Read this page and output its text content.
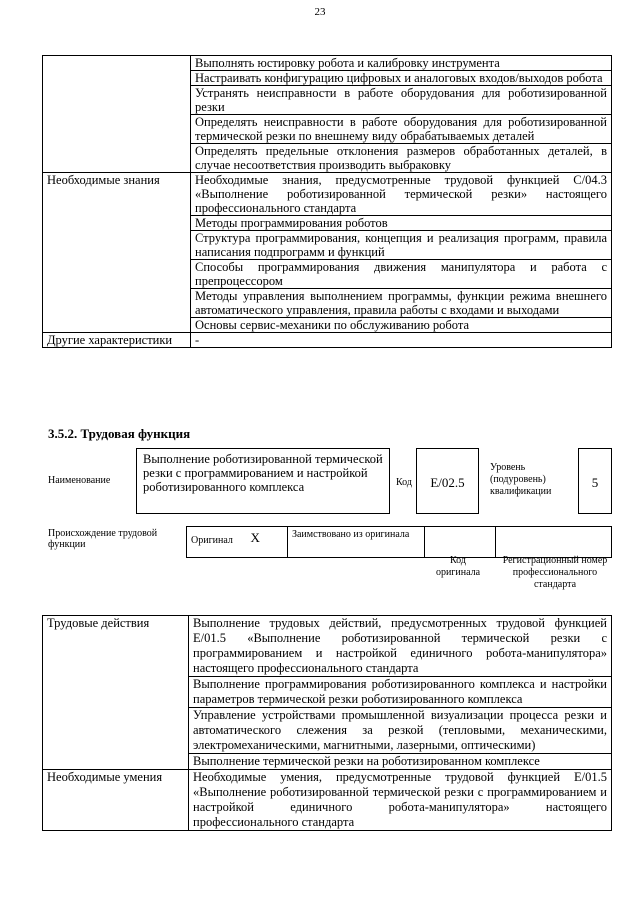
23
	Выполнять юстировку робота и калибровку инструмента
	Настраивать конфигурацию цифровых и аналоговых входов/выходов робота
	Устранять неисправности в работе оборудования для роботизированной резки
	Определять неисправности в работе оборудования для роботизированной термической резки по внешнему виду обрабатываемых деталей
	Определять предельные отклонения размеров обработанных деталей, в случае несоответствия производить выбраковку
Необходимые знания	Необходимые знания, предусмотренные трудовой функцией С/04.3 «Выполнение роботизированной термической резки» настоящего профессионального стандарта
	Методы программирования роботов
	Структура программирования, концепция и реализация программ, правила написания подпрограмм и функций
	Способы программирования движения манипулятора и работа с препроцессором
	Методы управления выполнением программы, функции режима внешнего автоматического управления, правила работы с входами и выходами
	Основы сервис-механики по обслуживанию робота
Другие характеристики	-
3.5.2. Трудовая функция
Наименование
Выполнение роботизированной термической резки с программированием и настройкой роботизированного комплекса	Код	Е/02.5
Уровень (подуровень) квалификации
5
Происхождение трудовой функции	Оригинал	X	Заимствовано из оригинала		
Код оригинала
Регистрационный номер профессионального стандарта
Трудовые действия	Выполнение трудовых действий, предусмотренных трудовой функцией Е/01.5 «Выполнение роботизированной термической резки с программированием и настройкой единичного робота-манипулятора» настоящего профессионального стандарта
	Выполнение программирования роботизированного комплекса и настройки параметров термической резки роботизированного комплекса
	Управление устройствами промышленной визуализации процесса резки и автоматического слежения за резкой (тепловыми, механическими, электромеханическими, магнитными, лазерными, оптическими)
	Выполнение термической резки на роботизированном комплексе
Необходимые умения	Необходимые умения, предусмотренные трудовой функцией Е/01.5 «Выполнение роботизированной термической резки с программированием и настройкой единичного робота-манипулятора» настоящего профессионального стандарта
